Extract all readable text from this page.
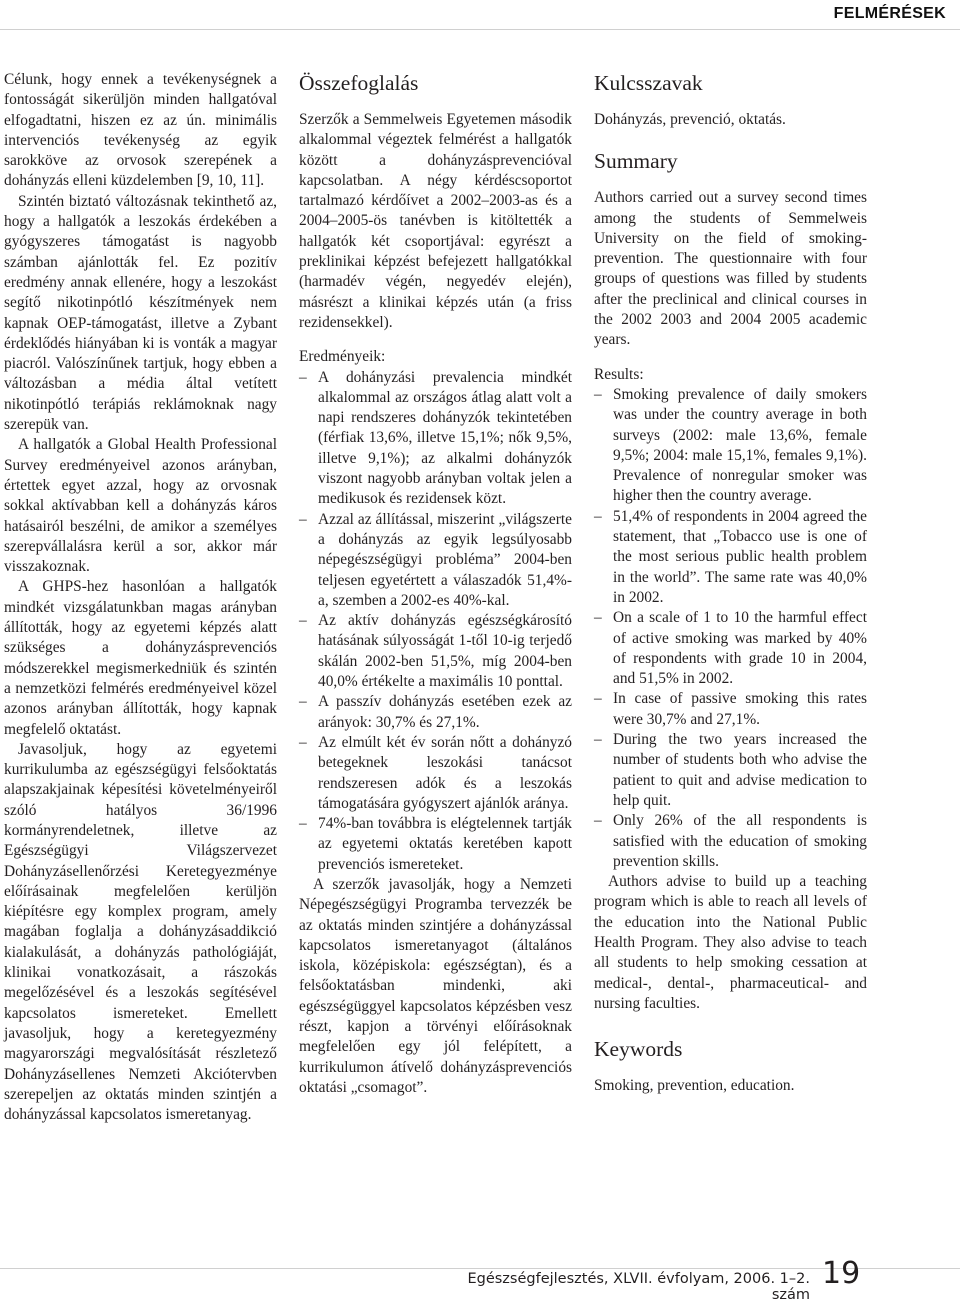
FELMÉRÉSEK

Célunk, hogy ennek a tevékenységnek a fontosságát sikerüljön minden hallgatóval elfogadtatni, hiszen ez az ún. minimális intervenciós tevékenység az egyik sarokköve az orvosok szerepének a dohányzás elleni küzdelemben [9, 10, 11].

Szintén biztató változásnak tekinthető az, hogy a hallgatók a leszokás érdekében a gyógyszeres támogatást is nagyobb számban ajánlották fel. Ez pozitív eredmény annak ellenére, hogy a leszokást segítő nikotinpótló készítmények nem kapnak OEP-támogatást, illetve a Zybant érdeklődés hiányában ki is vonták a magyar piacról. Valószínűnek tartjuk, hogy ebben a változásban a média által vetített nikotinpótló terápiás reklámoknak nagy szerepük van.

A hallgatók a Global Health Professional Survey eredményeivel azonos arányban, értettek egyet azzal, hogy az orvosnak sokkal aktívabban kell a dohányzás káros hatásairól beszélni, de amikor a személyes szerepvállalásra kerül a sor, akkor már visszakoznak.

A GHPS-hez hasonlóan a hallgatók mindkét vizsgálatunkban magas arányban állították, hogy az egyetemi képzés alatt szükséges a dohányzásprevenciós módszerekkel megismerkedniük és szintén a nemzetközi felmérés eredményeivel közel azonos arányban állították, hogy kapnak megfelelő oktatást.

Javasoljuk, hogy az egyetemi kurrikulumba az egészségügyi felsőoktatás alapszakjainak képesítési követelményeiről szóló hatályos 36/1996 kormányrendeletnek, illetve az Egészségügyi Világszervezet Dohányzásellenőrzési Keretegyezménye előírásainak megfelelően kerüljön kiépítésre egy komplex program, amely magában foglalja a dohányzásaddikció kialakulását, a dohányzás pathológiáját, klinikai vonatkozásait, a rászokás megelőzésével és a leszokás segítésével kapcsolatos ismereteket. Emellett javasoljuk, hogy a keretegyezmény magyarországi megvalósítását részletező Dohányzásellenes Nemzeti Akciótervben szerepeljen az oktatás minden szintjén a dohányzással kapcsolatos ismeretanyag.

Összefoglalás

Szerzők a Semmelweis Egyetemen második alkalommal végeztek felmérést a hallgatók között a dohányzásprevencióval kapcsolatban. A négy kérdéscsoportot tartalmazó kérdőívet a 2002–2003-as és a 2004–2005-ös tanévben is kitöltették a hallgatók két csoportjával: egyrészt a preklinikai képzést befejezett hallgatókkal (harmadév végén, negyedév elején), másrészt a klinikai képzés után (a friss rezidensekkel).

Eredményeik:

– A dohányzási prevalencia mindkét alkalommal az országos átlag alatt volt a napi rendszeres dohányzók tekintetében (férfiak 13,6%, illetve 15,1%; nők 9,5%, illetve 9,1%); az alkalmi dohányzók viszont nagyobb arányban voltak jelen a medikusok és rezidensek közt.
– Azzal az állítással, miszerint „világszerte a dohányzás az egyik legsúlyosabb népegészségügyi probléma” 2004-ben teljesen egyetértett a válaszadók 51,4%-a, szemben a 2002-es 40%-kal.
– Az aktív dohányzás egészségkárosító hatásának súlyosságát 1-től 10-ig terjedő skálán 2002-ben 51,5%, míg 2004-ben 40,0% értékelte a maximális 10 ponttal.
– A passzív dohányzás esetében ezek az arányok: 30,7% és 27,1%.
– Az elmúlt két év során nőtt a dohányzó betegeknek leszokási tanácsot rendszeresen adók és a leszokás támogatására gyógyszert ajánlók aránya.
– 74%-ban továbbra is elégtelennek tartják az egyetemi oktatás keretében kapott prevenciós ismereteket.

A szerzők javasolják, hogy a Nemzeti Népegészségügyi Programba tervezzék be az oktatás minden szintjére a dohányzással kapcsolatos ismeretanyagot (általános iskola, középiskola: egészségtan), és a felsőoktatásban mindenki, aki egészségüggyel kapcsolatos képzésben vesz részt, kapjon a törvényi előírásoknak megfelelően egy jól felépített, a kurrikulumon átívelő dohányzásprevenciós oktatási „csomagot”.

Kulcsszavak

Dohányzás, prevenció, oktatás.

Summary

Authors carried out a survey second times among the students of Semmelweis University on the field of smoking-prevention. The questionnaire with four groups of questions was filled by students after the preclinical and clinical courses in the 2002 2003 and 2004 2005 academic years.

Results:

– Smoking prevalence of daily smokers was under the country average in both surveys (2002: male 13,6%, female 9,5%; 2004: male 15,1%, females 9,1%). Prevalence of nonregular smoker was higher then the country average.
– 51,4% of respondents in 2004 agreed the statement, that „Tobacco use is one of the most serious public health problem in the world”. The same rate was 40,0% in 2002.
– On a scale of 1 to 10 the harmful effect of active smoking was marked by 40% of respondents with grade 10 in 2004, and 51,5% in 2002.
– In case of passive smoking this rates were 30,7% and 27,1%.
– During the two years increased the number of students both who advise the patient to quit and advise medication to help quit.
– Only 26% of the all respondents is satisfied with the education of smoking prevention skills.

Authors advise to build up a teaching program which is able to reach all levels of the education into the National Public Health Program. They also advise to teach all students to help smoking cessation at medical-, dental-, pharmaceutical- and nursing faculties.

Keywords

Smoking, prevention, education.

Egészségfejlesztés, XLVII. évfolyam, 2006. 1–2. szám
19
